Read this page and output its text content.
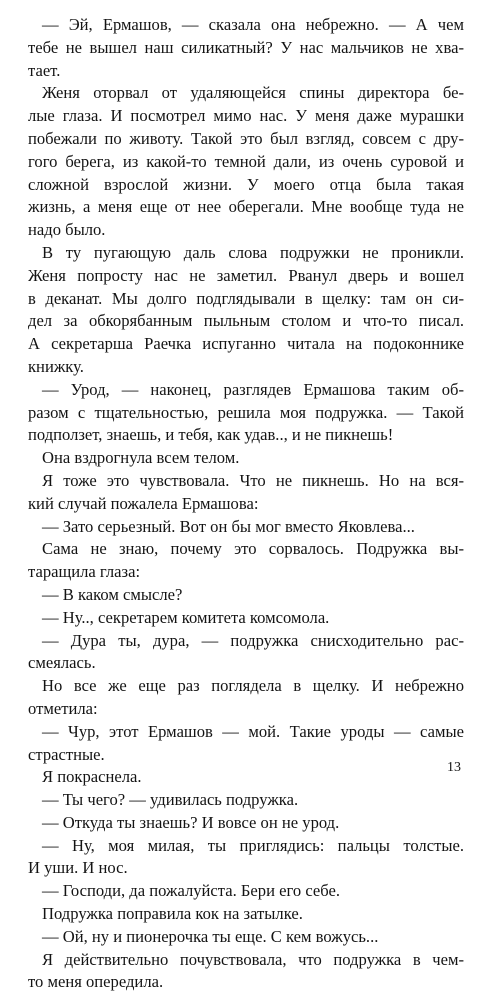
— Эй, Ермашов, — сказала она небрежно. — А чем
тебе не вышел наш силикатный? У нас мальчиков не хва-
тает.
Женя оторвал от удаляющейся спины директора бе-
лые глаза. И посмотрел мимо нас. У меня даже мурашки
побежали по животу. Такой это был взгляд, совсем с дру-
гого берега, из какой-то темной дали, из очень суровой и
сложной взрослой жизни. У моего отца была такая
жизнь, а меня еще от нее оберегали. Мне вообще туда не
надо было.
В ту пугающую даль слова подружки не проникли.
Женя попросту нас не заметил. Рванул дверь и вошел
в деканат. Мы долго подглядывали в щелку: там он си-
дел за обкорябанным пыльным столом и что-то писал.
А секретарша Раечка испуганно читала на подоконнике
книжку.
— Урод, — наконец, разглядев Ермашова таким об-
разом с тщательностью, решила моя подружка. — Такой
подползет, знаешь, и тебя, как удав.., и не пикнешь!
Она вздрогнула всем телом.
Я тоже это чувствовала. Что не пикнешь. Но на вся-
кий случай пожалела Ермашова:
— Зато серьезный. Вот он бы мог вместо Яковлева...
Сама не знаю, почему это сорвалось. Подружка вы-
таращила глаза:
— В каком смысле?
— Ну.., секретарем комитета комсомола.
— Дура ты, дура, — подружка снисходительно рас-
смеялась.
Но все же еще раз поглядела в щелку. И небрежно
отметила:
— Чур, этот Ермашов — мой. Такие уроды — самые
страстные.
Я покраснела.
— Ты чего? — удивилась подружка.
— Откуда ты знаешь? И вовсе он не урод.
— Ну, моя милая, ты приглядись: пальцы толстые.
И уши. И нос.
— Господи, да пожалуйста. Бери его себе.
Подружка поправила кок на затылке.
— Ой, ну и пионерочка ты еще. С кем вожусь...
Я действительно почувствовала, что подружка в чем-
то меня опередила.
13
